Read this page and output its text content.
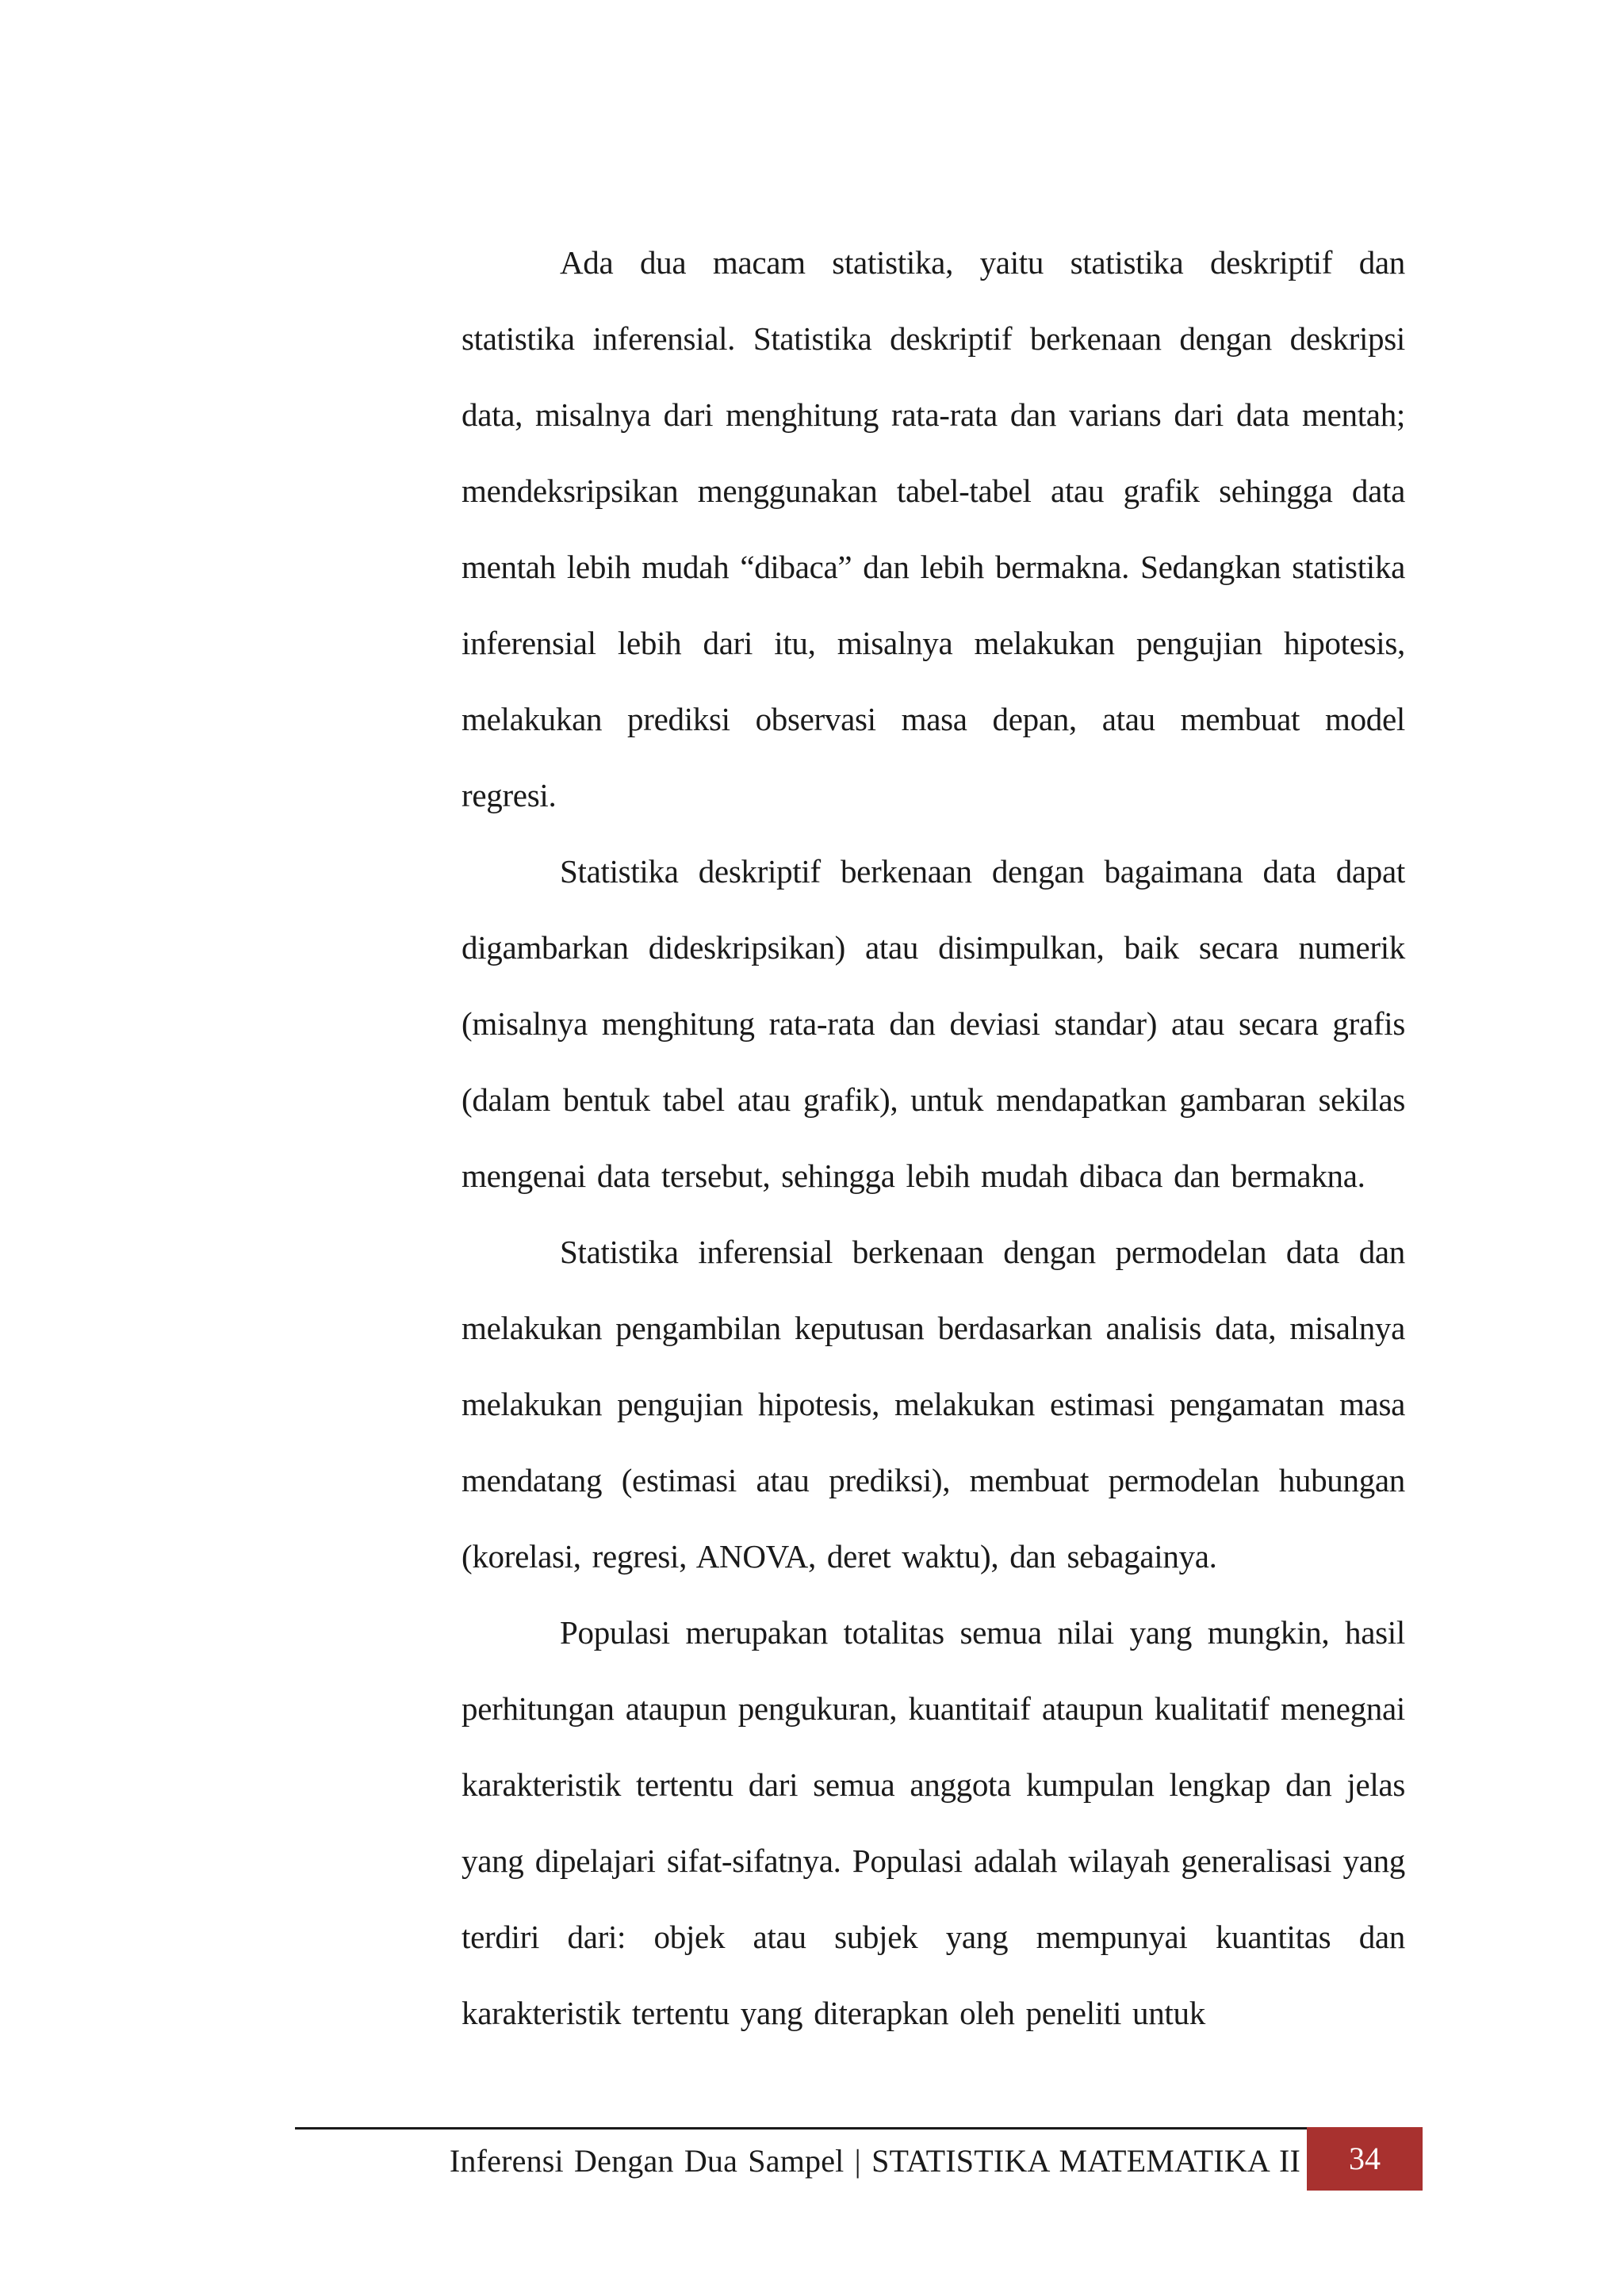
Ada dua macam statistika, yaitu statistika deskriptif dan statistika inferensial. Statistika deskriptif berkenaan dengan deskripsi data, misalnya dari menghitung rata-rata dan varians dari data mentah; mendeksripsikan menggunakan tabel-tabel atau grafik sehingga data mentah lebih mudah “dibaca” dan lebih bermakna. Sedangkan statistika inferensial lebih dari itu, misalnya melakukan pengujian hipotesis, melakukan prediksi observasi masa depan, atau membuat model regresi.

Statistika deskriptif berkenaan dengan bagaimana data dapat digambarkan dideskripsikan) atau disimpulkan, baik secara numerik (misalnya menghitung rata-rata dan deviasi standar) atau secara grafis (dalam bentuk tabel atau grafik), untuk mendapatkan gambaran sekilas mengenai data tersebut, sehingga lebih mudah dibaca dan bermakna.

Statistika inferensial berkenaan dengan permodelan data dan melakukan pengambilan keputusan berdasarkan analisis data, misalnya melakukan pengujian hipotesis, melakukan estimasi pengamatan masa mendatang (estimasi atau prediksi), membuat permodelan hubungan (korelasi, regresi, ANOVA, deret waktu), dan sebagainya.

Populasi merupakan totalitas semua nilai yang mungkin, hasil perhitungan ataupun pengukuran, kuantitaif ataupun kualitatif menegnai karakteristik tertentu dari semua anggota kumpulan lengkap dan jelas yang dipelajari sifat-sifatnya. Populasi adalah wilayah generalisasi yang terdiri dari: objek atau subjek yang mempunyai kuantitas dan karakteristik tertentu yang diterapkan oleh peneliti untuk

Inferensi Dengan Dua Sampel | STATISTIKA MATEMATIKA II	34
